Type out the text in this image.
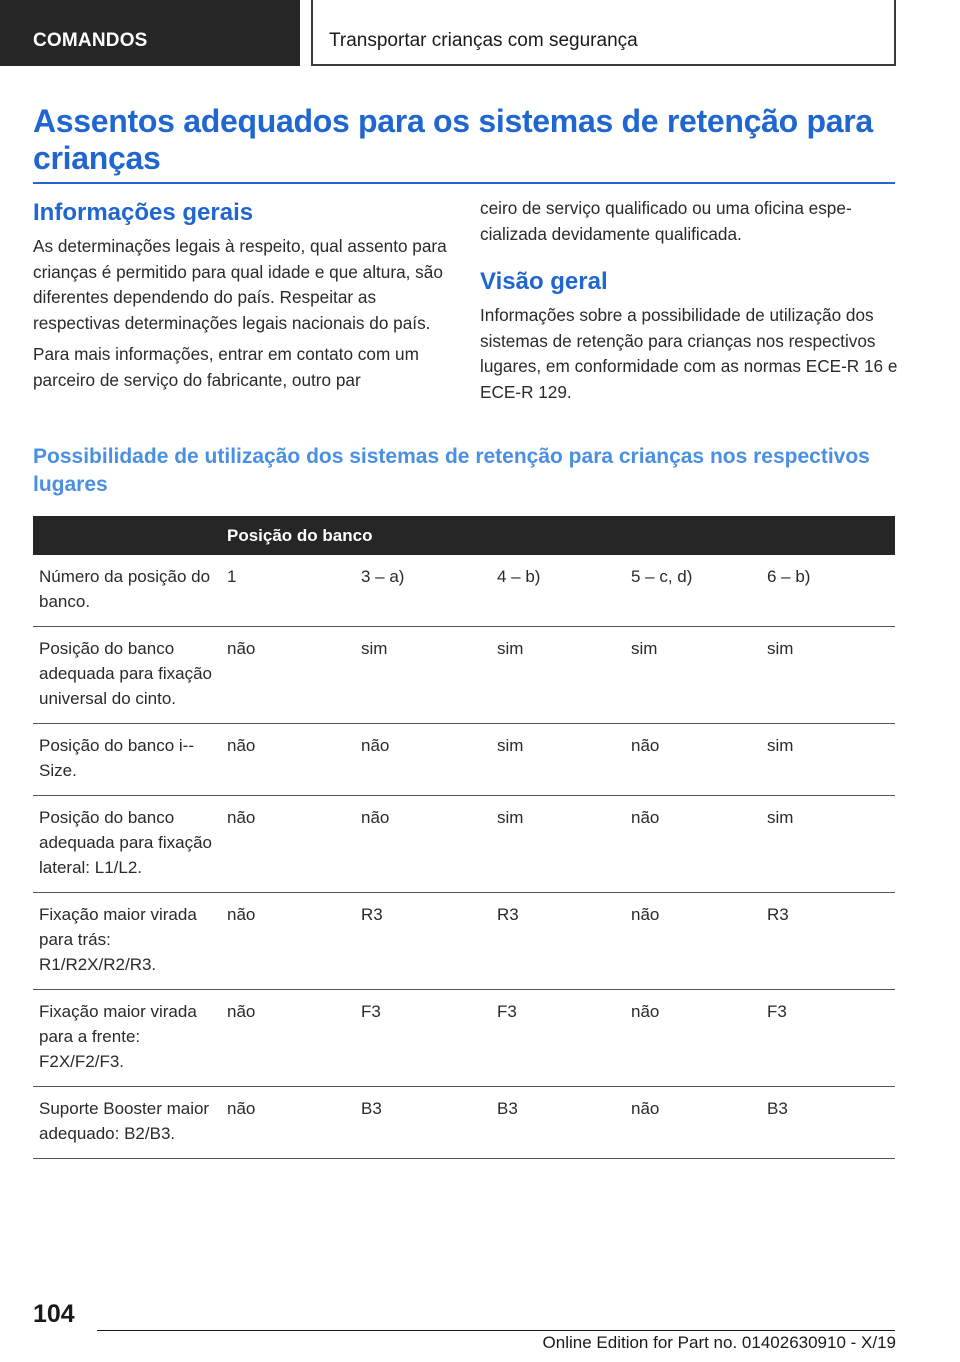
COMANDOS	Transportar crianças com segurança
Assentos adequados para os sistemas de retenção para crianças
Informações gerais

As determinações legais à respeito, qual assento para crianças é permitido para qual idade e que altura, são diferentes dependendo do país. Respeitar as respectivas determinações legais nacionais do país.

Para mais informações, entrar em contato com um parceiro de serviço do fabricante, outro par

ceiro de serviço qualificado ou uma oficina especializada devidamente qualificada.

Visão geral

Informações sobre a possibilidade de utilização dos sistemas de retenção para crianças nos respectivos lugares, em conformidade com as normas ECE-R 16 e ECE-R 129.

Possibilidade de utilização dos sistemas de retenção para crianças nos respectivos lugares
	Posição do banco				
Número da posição do banco.	1	3 – a)	4 – b)	5 – c, d)	6 – b)
Posição do banco adequada para fixação universal do cinto.	não	sim	sim	sim	sim
Posição do banco i-Size.	não	não	sim	não	sim
Posição do banco adequada para fixação lateral: L1/L2.	não	não	sim	não	sim
Fixação maior virada para trás: R1/R2X/R2/R3.	não	R3	R3	não	R3
Fixação maior virada para a frente: F2X/F2/F3.	não	F3	F3	não	F3
Suporte Booster maior adequado: B2/B3.	não	B3	B3	não	B3
104
Online Edition for Part no. 01402630910 - X/19
